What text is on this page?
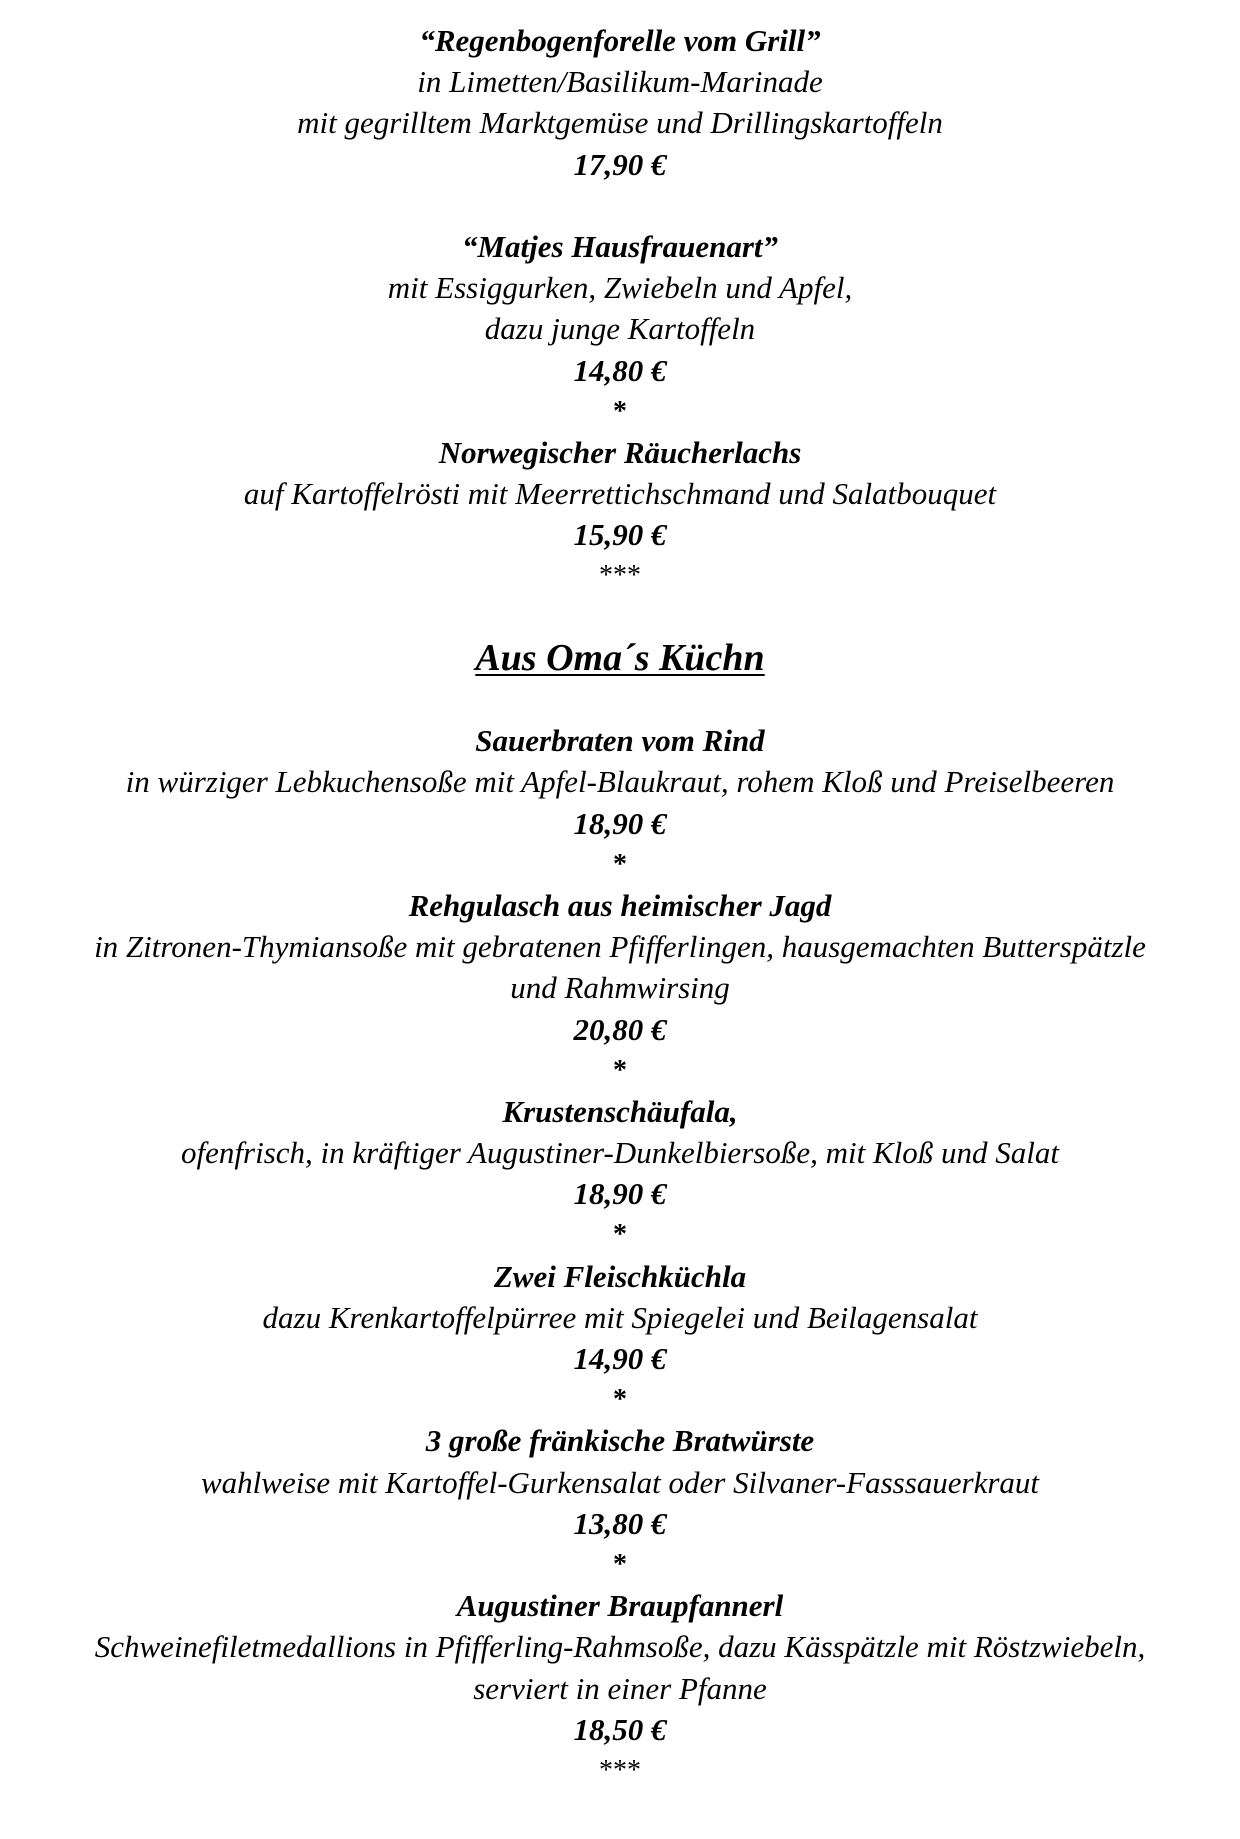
“Regenbogenforelle vom Grill”
in Limetten/Basilikum-Marinade
mit gegrilltem Marktgemüse und Drillingskartoffeln
17,90 €
“Matjes Hausfrauenart”
mit Essiggurken, Zwiebeln und Apfel,
dazu junge Kartoffeln
14,80 €
*
Norwegischer Räucherlachs
auf Kartoffelrösti mit Meerrettichschmand und Salatbouquet
15,90 €
***
Aus Oma´s Küchn
Sauerbraten vom Rind
in würziger Lebkuchensoße mit Apfel-Blaukraut, rohem Kloß und Preiselbeeren
18,90 €
*
Rehgulasch aus heimischer Jagd
in Zitronen-Thymiansoße mit gebratenen Pfifferlingen, hausgemachten Butterspätzle
und Rahmwirsing
20,80 €
*
Krustenschäufala,
ofenfrisch, in kräftiger Augustiner-Dunkelbiersoße, mit Kloß und Salat
18,90 €
*
Zwei Fleischküchla
dazu Krenkartoffelpürree mit Spiegelei und Beilagensalat
14,90 €
*
3 große fränkische Bratwürste
wahlweise mit Kartoffel-Gurkensalat oder Silvaner-Fasssauerkraut
13,80 €
*
Augustiner Braupfannerl
Schweinefiletmedallions in Pfifferling-Rahmsoße, dazu Kässpätzle mit Röstzwiebeln,
serviert in einer Pfanne
18,50 €
***
